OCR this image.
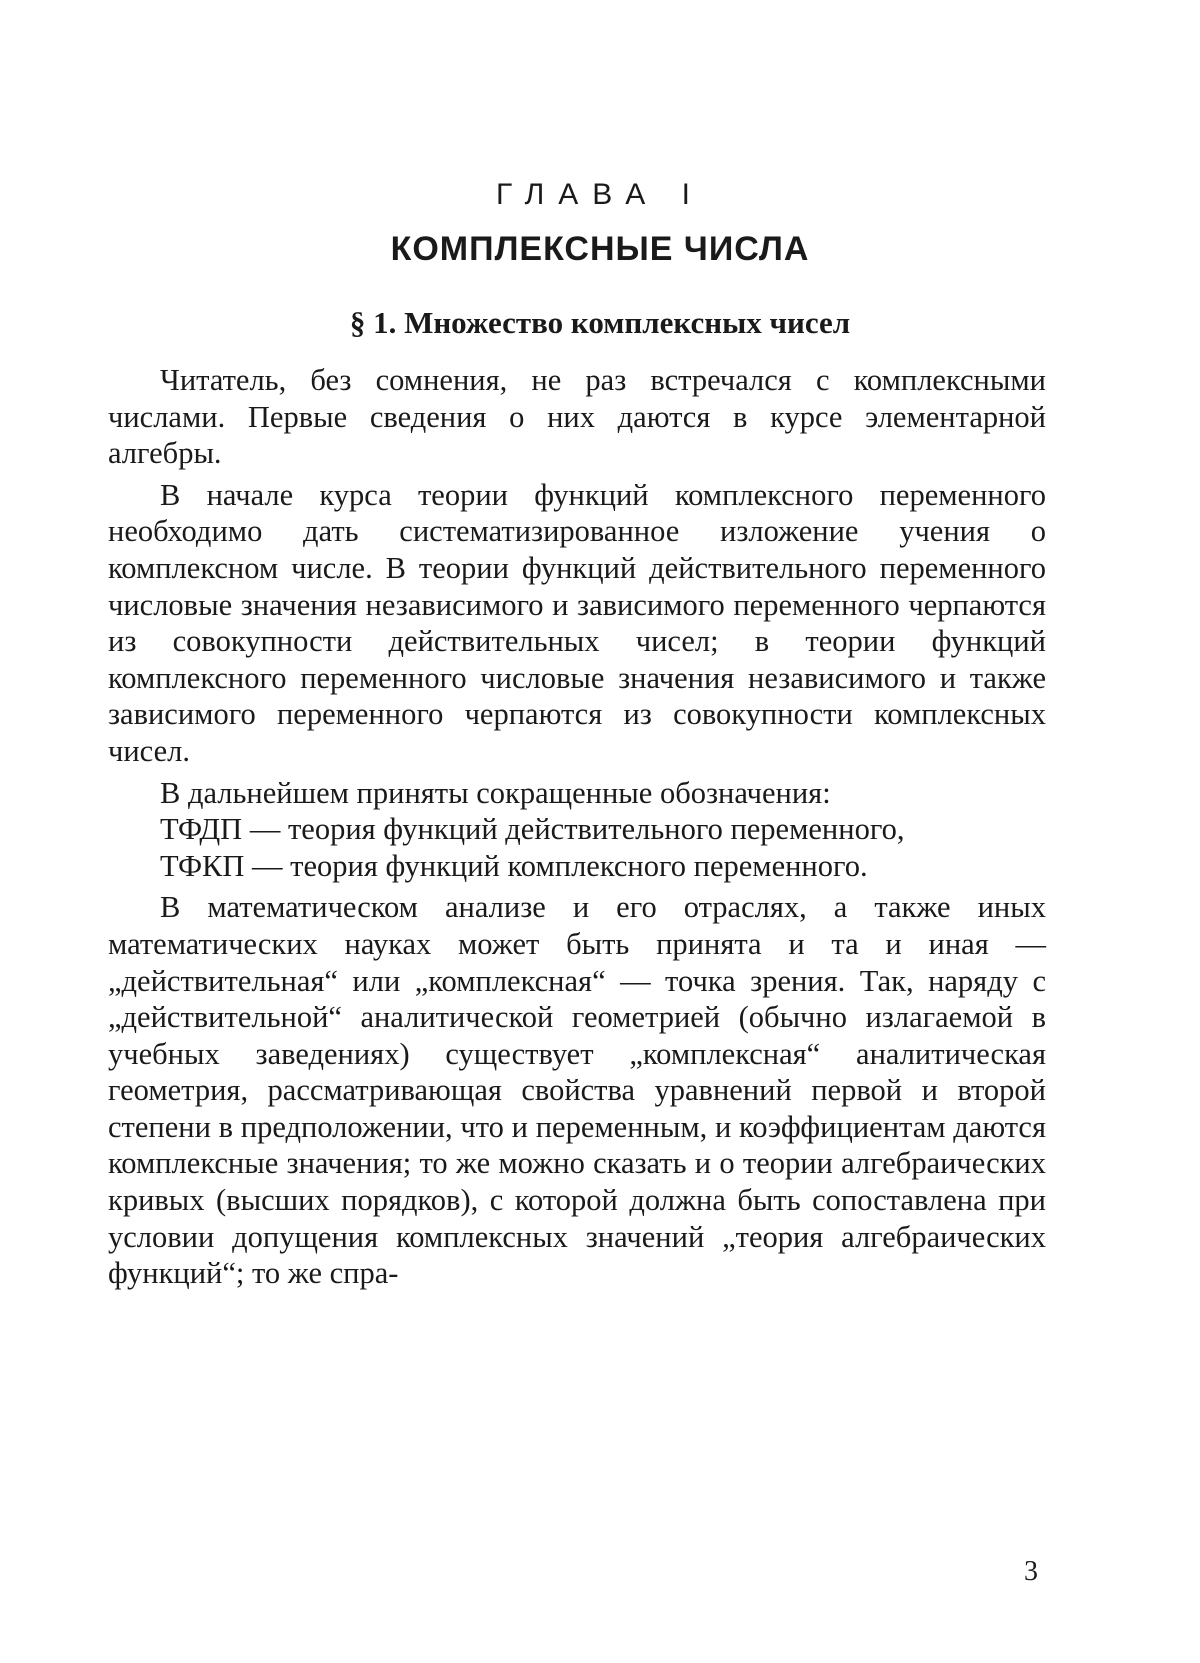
ГЛАВА I
КОМПЛЕКСНЫЕ ЧИСЛА
§ 1. Множество комплексных чисел

Читатель, без сомнения, не раз встречался с комплексными числами. Первые сведения о них даются в курсе элементарной алгебры.

В начале курса теории функций комплексного переменного необходимо дать систематизированное изложение учения о комплексном числе. В теории функций действительного переменного числовые значения независимого и зависимого переменного черпаются из совокупности действительных чисел; в теории функций комплексного переменного числовые значения независимого и также зависимого переменного черпаются из совокупности комплексных чисел.

В дальнейшем приняты сокращенные обозначения:

ТФДП — теория функций действительного переменного,

ТФКП — теория функций комплексного переменного.

В математическом анализе и его отраслях, а также иных математических науках может быть принята и та и иная — „действительная“ или „комплексная“ — точка зрения. Так, наряду с „действительной“ аналитической геометрией (обычно излагаемой в учебных заведениях) существует „комплексная“ аналитическая геометрия, рассматривающая свойства уравнений первой и второй степени в предположении, что и переменным, и коэффициентам даются комплексные значения; то же можно сказать и о теории алгебраических кривых (высших порядков), с которой должна быть сопоставлена при условии допущения комплексных значений „теория алгебраических функций“; то же спра-

3
